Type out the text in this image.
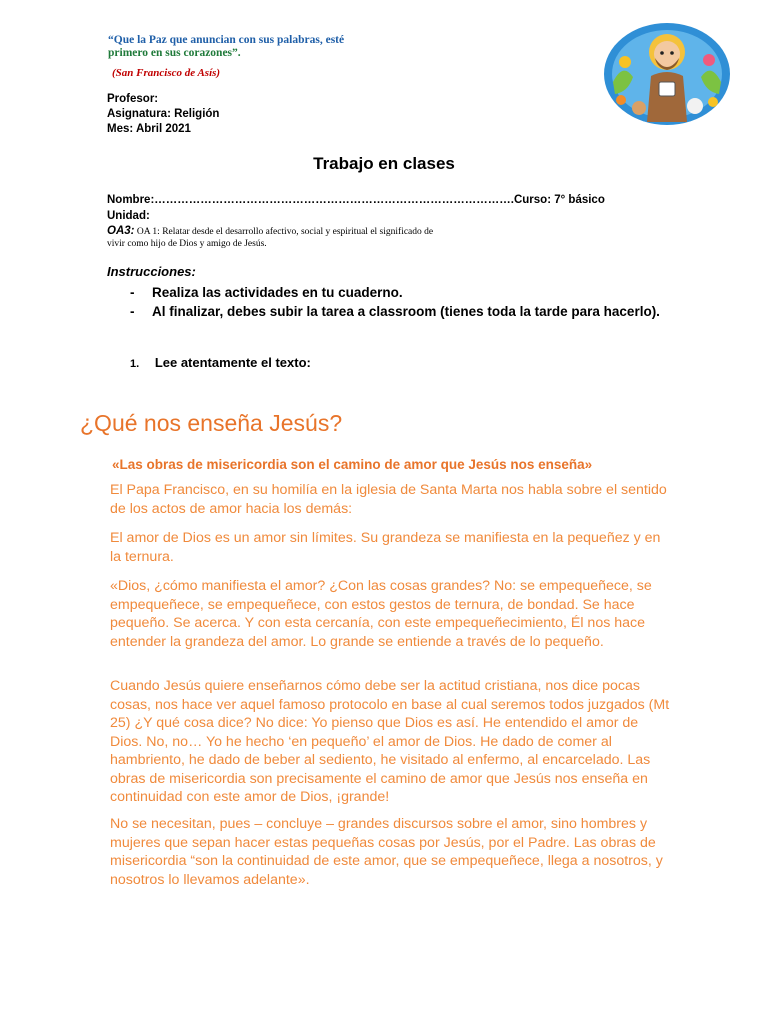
“Que la Paz que anuncian con sus palabras, esté
primero en sus corazones”.
(San Francisco de Asís)
Profesor:
Asignatura: Religión
Mes: Abril 2021
Trabajo en clases
Nombre:………………………………………………………………………………….Curso: 7° básico
Unidad:
OA3: OA 1: Relatar desde el desarrollo afectivo, social y espiritual el significado de vivir como hijo de Dios y amigo de Jesús.
Instrucciones:
- Realiza las actividades en tu cuaderno.
- Al finalizar, debes subir la tarea a classroom (tienes toda la tarde para hacerlo).
1. Lee atentamente el texto:
¿Qué nos enseña Jesús?
«Las obras de misericordia son el camino de amor que Jesús nos enseña»
El Papa Francisco, en su homilía en la iglesia de Santa Marta nos habla sobre el sentido de los actos de amor hacia los demás:
El amor de Dios es un amor sin límites. Su grandeza se manifiesta en la pequeñez y en la ternura.
«Dios, ¿cómo manifiesta el amor? ¿Con las cosas grandes? No: se empequeñece, se empequeñece, se empequeñece, con estos gestos de ternura, de bondad. Se hace pequeño. Se acerca. Y con esta cercanía, con este empequeñecimiento, Él nos hace entender la grandeza del amor. Lo grande se entiende a través de lo pequeño.
Cuando Jesús quiere enseñarnos cómo debe ser la actitud cristiana, nos dice pocas cosas, nos hace ver aquel famoso protocolo en base al cual seremos todos juzgados (Mt 25) ¿Y qué cosa dice? No dice: Yo pienso que Dios es así. He entendido el amor de Dios. No, no… Yo he hecho ‘en pequeño’ el amor de Dios. He dado de comer al hambriento, he dado de beber al sediento, he visitado al enfermo, al encarcelado. Las obras de misericordia son precisamente el camino de amor que Jesús nos enseña en continuidad con este amor de Dios, ¡grande!
No se necesitan, pues – concluye – grandes discursos sobre el amor, sino hombres y mujeres que sepan hacer estas pequeñas cosas por Jesús, por el Padre. Las obras de misericordia “son la continuidad de este amor, que se empequeñece, llega a nosotros, y nosotros lo llevamos adelante».
